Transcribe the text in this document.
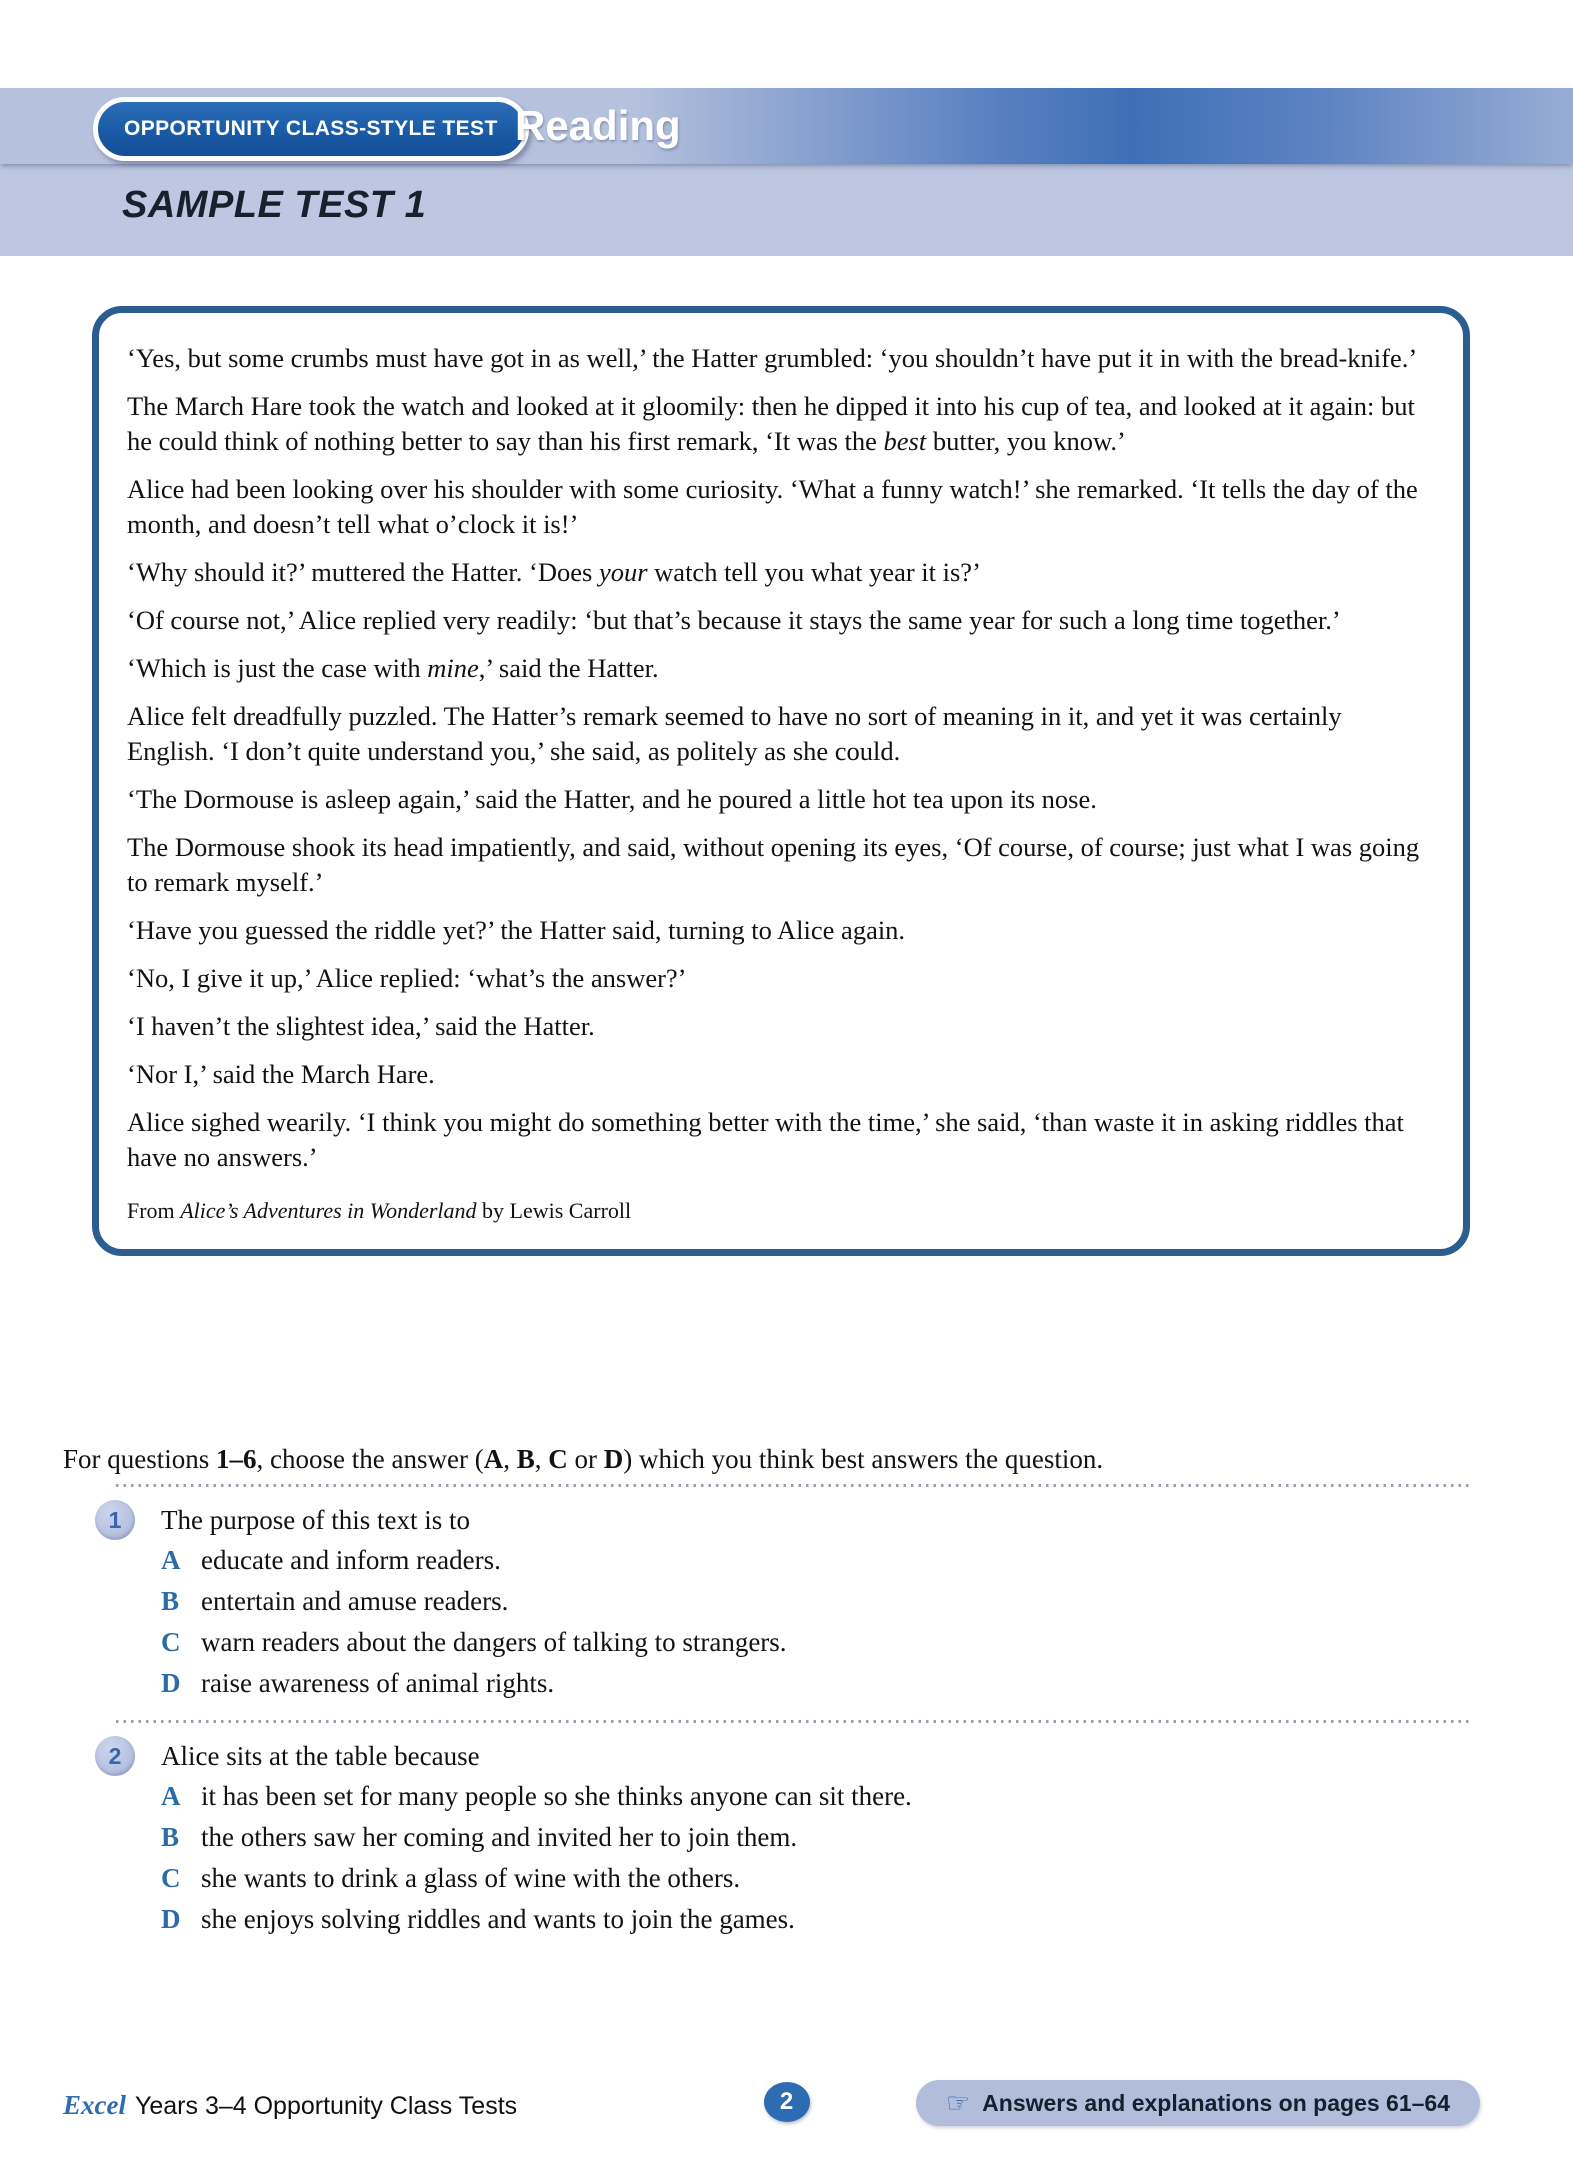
OPPORTUNITY CLASS-STYLE TEST Reading
SAMPLE TEST 1

‘Yes, but some crumbs must have got in as well,’ the Hatter grumbled: ‘you shouldn’t have put it in with the bread-knife.’

The March Hare took the watch and looked at it gloomily: then he dipped it into his cup of tea, and looked at it again: but he could think of nothing better to say than his first remark, ‘It was the best butter, you know.’

Alice had been looking over his shoulder with some curiosity. ‘What a funny watch!’ she remarked. ‘It tells the day of the month, and doesn’t tell what o’clock it is!’

‘Why should it?’ muttered the Hatter. ‘Does your watch tell you what year it is?’

‘Of course not,’ Alice replied very readily: ‘but that’s because it stays the same year for such a long time together.’

‘Which is just the case with mine,’ said the Hatter.

Alice felt dreadfully puzzled. The Hatter’s remark seemed to have no sort of meaning in it, and yet it was certainly English. ‘I don’t quite understand you,’ she said, as politely as she could.

‘The Dormouse is asleep again,’ said the Hatter, and he poured a little hot tea upon its nose.

The Dormouse shook its head impatiently, and said, without opening its eyes, ‘Of course, of course; just what I was going to remark myself.’

‘Have you guessed the riddle yet?’ the Hatter said, turning to Alice again.

‘No, I give it up,’ Alice replied: ‘what’s the answer?’

‘I haven’t the slightest idea,’ said the Hatter.

‘Nor I,’ said the March Hare.

Alice sighed wearily. ‘I think you might do something better with the time,’ she said, ‘than waste it in asking riddles that have no answers.’

From Alice’s Adventures in Wonderland by Lewis Carroll
For questions 1–6, choose the answer (A, B, C or D) which you think best answers the question.
1 The purpose of this text is to
A educate and inform readers.
B entertain and amuse readers.
C warn readers about the dangers of talking to strangers.
D raise awareness of animal rights.
2 Alice sits at the table because
A it has been set for many people so she thinks anyone can sit there.
B the others saw her coming and invited her to join them.
C she wants to drink a glass of wine with the others.
D she enjoys solving riddles and wants to join the games.
Excel Years 3–4 Opportunity Class Tests	2	☞ Answers and explanations on pages 61–64
